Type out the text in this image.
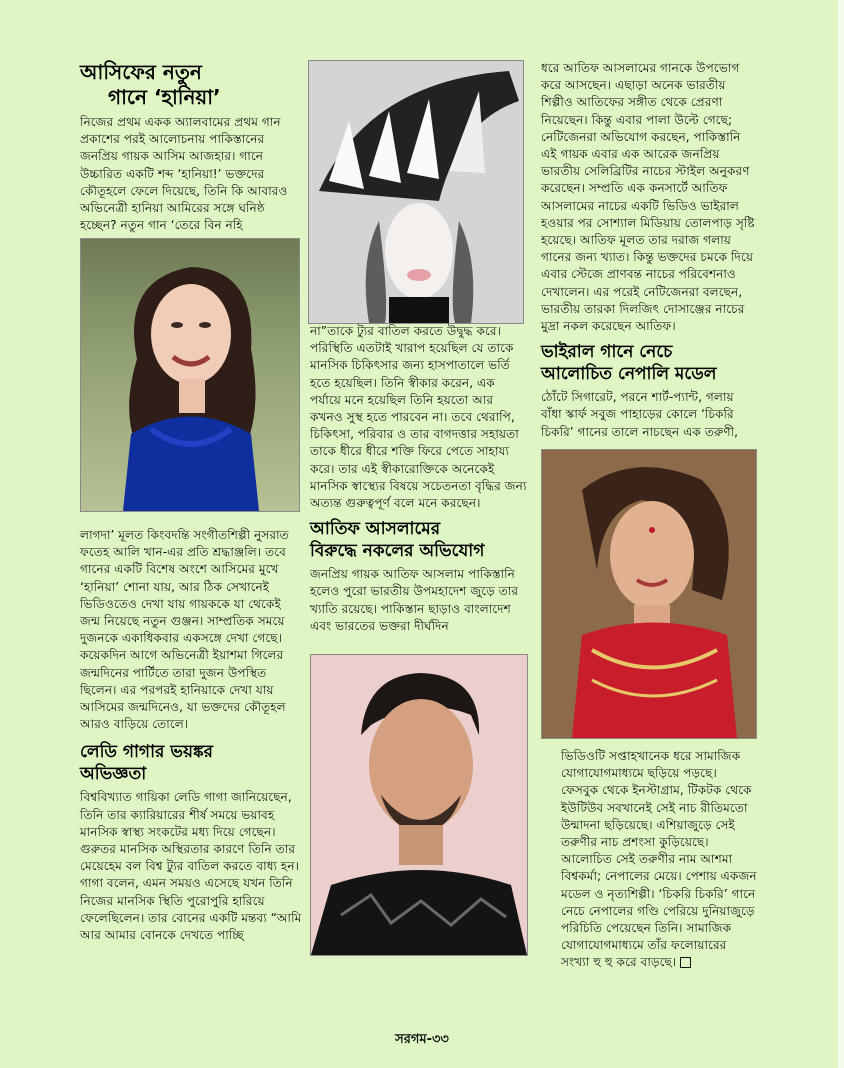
আসিফের নতুন
গানে ‘হানিয়া’

নিজের প্রথম একক অ্যালবামের প্রথম গান প্রকাশের পরই আলোচনায় পাকিস্তানের জনপ্রিয় গায়ক আসিম আজহার। গানে উচ্চারিত একটি শব্দ ‘হানিয়া!’ ভক্তদের কৌতূহলে ফেলে দিয়েছে, তিনি কি আবারও অভিনেত্রী হানিয়া আমিরের সঙ্গে ঘনিষ্ঠ হচ্ছেন? নতুন গান ‘তেরে বিন নহি

লাগদা’ মূলত কিংবদন্তি সংগীতশিল্পী নুসরাত ফতেহ আলি খান-এর প্রতি শ্রদ্ধাঞ্জলি। তবে গানের একটি বিশেষ অংশে আসিমের মুখে ‘হানিয়া’ শোনা যায়, আর ঠিক সেখানেই ভিডিওতেও দেখা যায় গায়ককে যা থেকেই জন্ম নিয়েছে নতুন গুঞ্জন। সাম্প্রতিক সময়ে দুজনকে একাধিকবার একসঙ্গে দেখা গেছে। কয়েকদিন আগে অভিনেত্রী ইয়াশমা গিলের জন্মদিনের পার্টিতে তারা দুজন উপস্থিত ছিলেন। এর পরপরই হানিয়াকে দেখা যায় আসিমের জন্মদিনেও, যা ভক্তদের কৌতূহল আরও বাড়িয়ে তোলে।

লেডি গাগার ভয়ঙ্কর
অভিজ্ঞতা

বিশ্ববিখ্যাত গায়িকা লেডি গাগা জানিয়েছেন, তিনি তার ক্যারিয়ারের শীর্ষ সময়ে ভয়াবহ মানসিক স্বাস্থ্য সংকটের মধ্য দিয়ে গেছেন। গুরুতর মানসিক অস্থিরতার কারণে তিনি তার মেয়েহেম বল বিশ্ব ট্যুর বাতিল করতে বাধ্য হন। গাগা বলেন, এমন সময়ও এসেছে যখন তিনি নিজের মানসিক স্থিতি পুরোপুরি হারিয়ে ফেলেছিলেন। তার বোনের একটি মন্তব্য “আমি আর আমার বোনকে দেখতে পাচ্ছি

না”তাকে ট্যুর বাতিল করতে উদ্বুদ্ধ করে। পরিস্থিতি এতটাই খারাপ হয়েছিল যে তাকে মানসিক চিকিৎসার জন্য হাসপাতালে ভর্তি হতে হয়েছিল। তিনি স্বীকার করেন, এক পর্যায়ে মনে হয়েছিল তিনি হয়তো আর কখনও সুস্থ হতে পারবেন না। তবে থেরাপি, চিকিৎসা, পরিবার ও তার বাগদত্তার সহায়তা তাকে ধীরে ধীরে শক্তি ফিরে পেতে সাহায্য করে। তার এই স্বীকারোক্তিকে অনেকেই মানসিক স্বাস্থ্যের বিষয়ে সচেতনতা বৃদ্ধির জন্য অত্যন্ত গুরুত্বপূর্ণ বলে মনে করছেন।

আতিফ আসলামের
বিরুদ্ধে নকলের অভিযোগ

জনপ্রিয় গায়ক আতিফ আসলাম পাকিস্তানি হলেও পুরো ভারতীয় উপমহাদেশ জুড়ে তার খ্যাতি রয়েছে। পাকিস্তান ছাড়াও বাংলাদেশ এবং ভারতের ভক্তরা দীর্ঘদিন

ধরে আতিফ আসলামের গানকে উপভোগ করে আসছেন। এছাড়া অনেক ভারতীয় শিল্পীও আতিফের সঙ্গীত থেকে প্রেরণা নিয়েছেন। কিন্তু এবার পালা উল্টে গেছে; নেটিজেনরা অভিযোগ করছেন, পাকিস্তানি এই গায়ক এবার এক আরেক জনপ্রিয় ভারতীয় সেলিব্রিটির নাচের স্টাইল অনুকরণ করেছেন। সম্প্রতি এক কনসার্টে আতিফ আসলামের নাচের একটি ভিডিও ভাইরাল হওয়ার পর সোশ্যাল মিডিয়ায় তোলপাড় সৃষ্টি হয়েছে। আতিফ মূলত তার দরাজ গলায় গানের জন্য খ্যাত। কিন্তু ভক্তদের চমকে দিয়ে এবার স্টেজে প্রাণবন্ত নাচের পরিবেশনাও দেখালেন। এর পরেই নেটিজেনরা বলছেন, ভারতীয় তারকা দিলজিৎ দোসাঞ্জের নাচের মুদ্রা নকল করেছেন আতিফ।

ভাইরাল গানে নেচে
আলোচিত নেপালি মডেল

ঠোঁটে সিগারেট, পরনে শার্ট-প্যান্ট, গলায় বাঁধা স্কার্ফ সবুজ পাহাড়ের কোলে ‘চিকরি চিকরি’ গানের তালে নাচছেন এক তরুণী,

ভিডিওটি সপ্তাহখানেক ধরে সামাজিক যোগাযোগমাধ্যমে ছড়িয়ে পড়ছে। ফেসবুক থেকে ইনস্টাগ্রাম, টিকটক থেকে ইউটিউব সবখানেই সেই নাচ রীতিমতো উন্মাদনা ছড়িয়েছে। এশিয়াজুড়ে সেই তরুণীর নাচ প্রশংসা কুড়িয়েছে। আলোচিত সেই তরুণীর নাম আশমা বিশ্বকর্মা; নেপালের মেয়ে। পেশায় একজন মডেল ও নৃত্যশিল্পী। ‘চিকরি চিকরি’ গানে নেচে নেপালের গণ্ডি পেরিয়ে দুনিয়াজুড়ে পরিচিতি পেয়েছেন তিনি। সামাজিক যোগাযোগমাধ্যমে তাঁর ফলোয়ারের সংখ্যা হু হু করে বাড়ছে।

সরগম-৩৩
